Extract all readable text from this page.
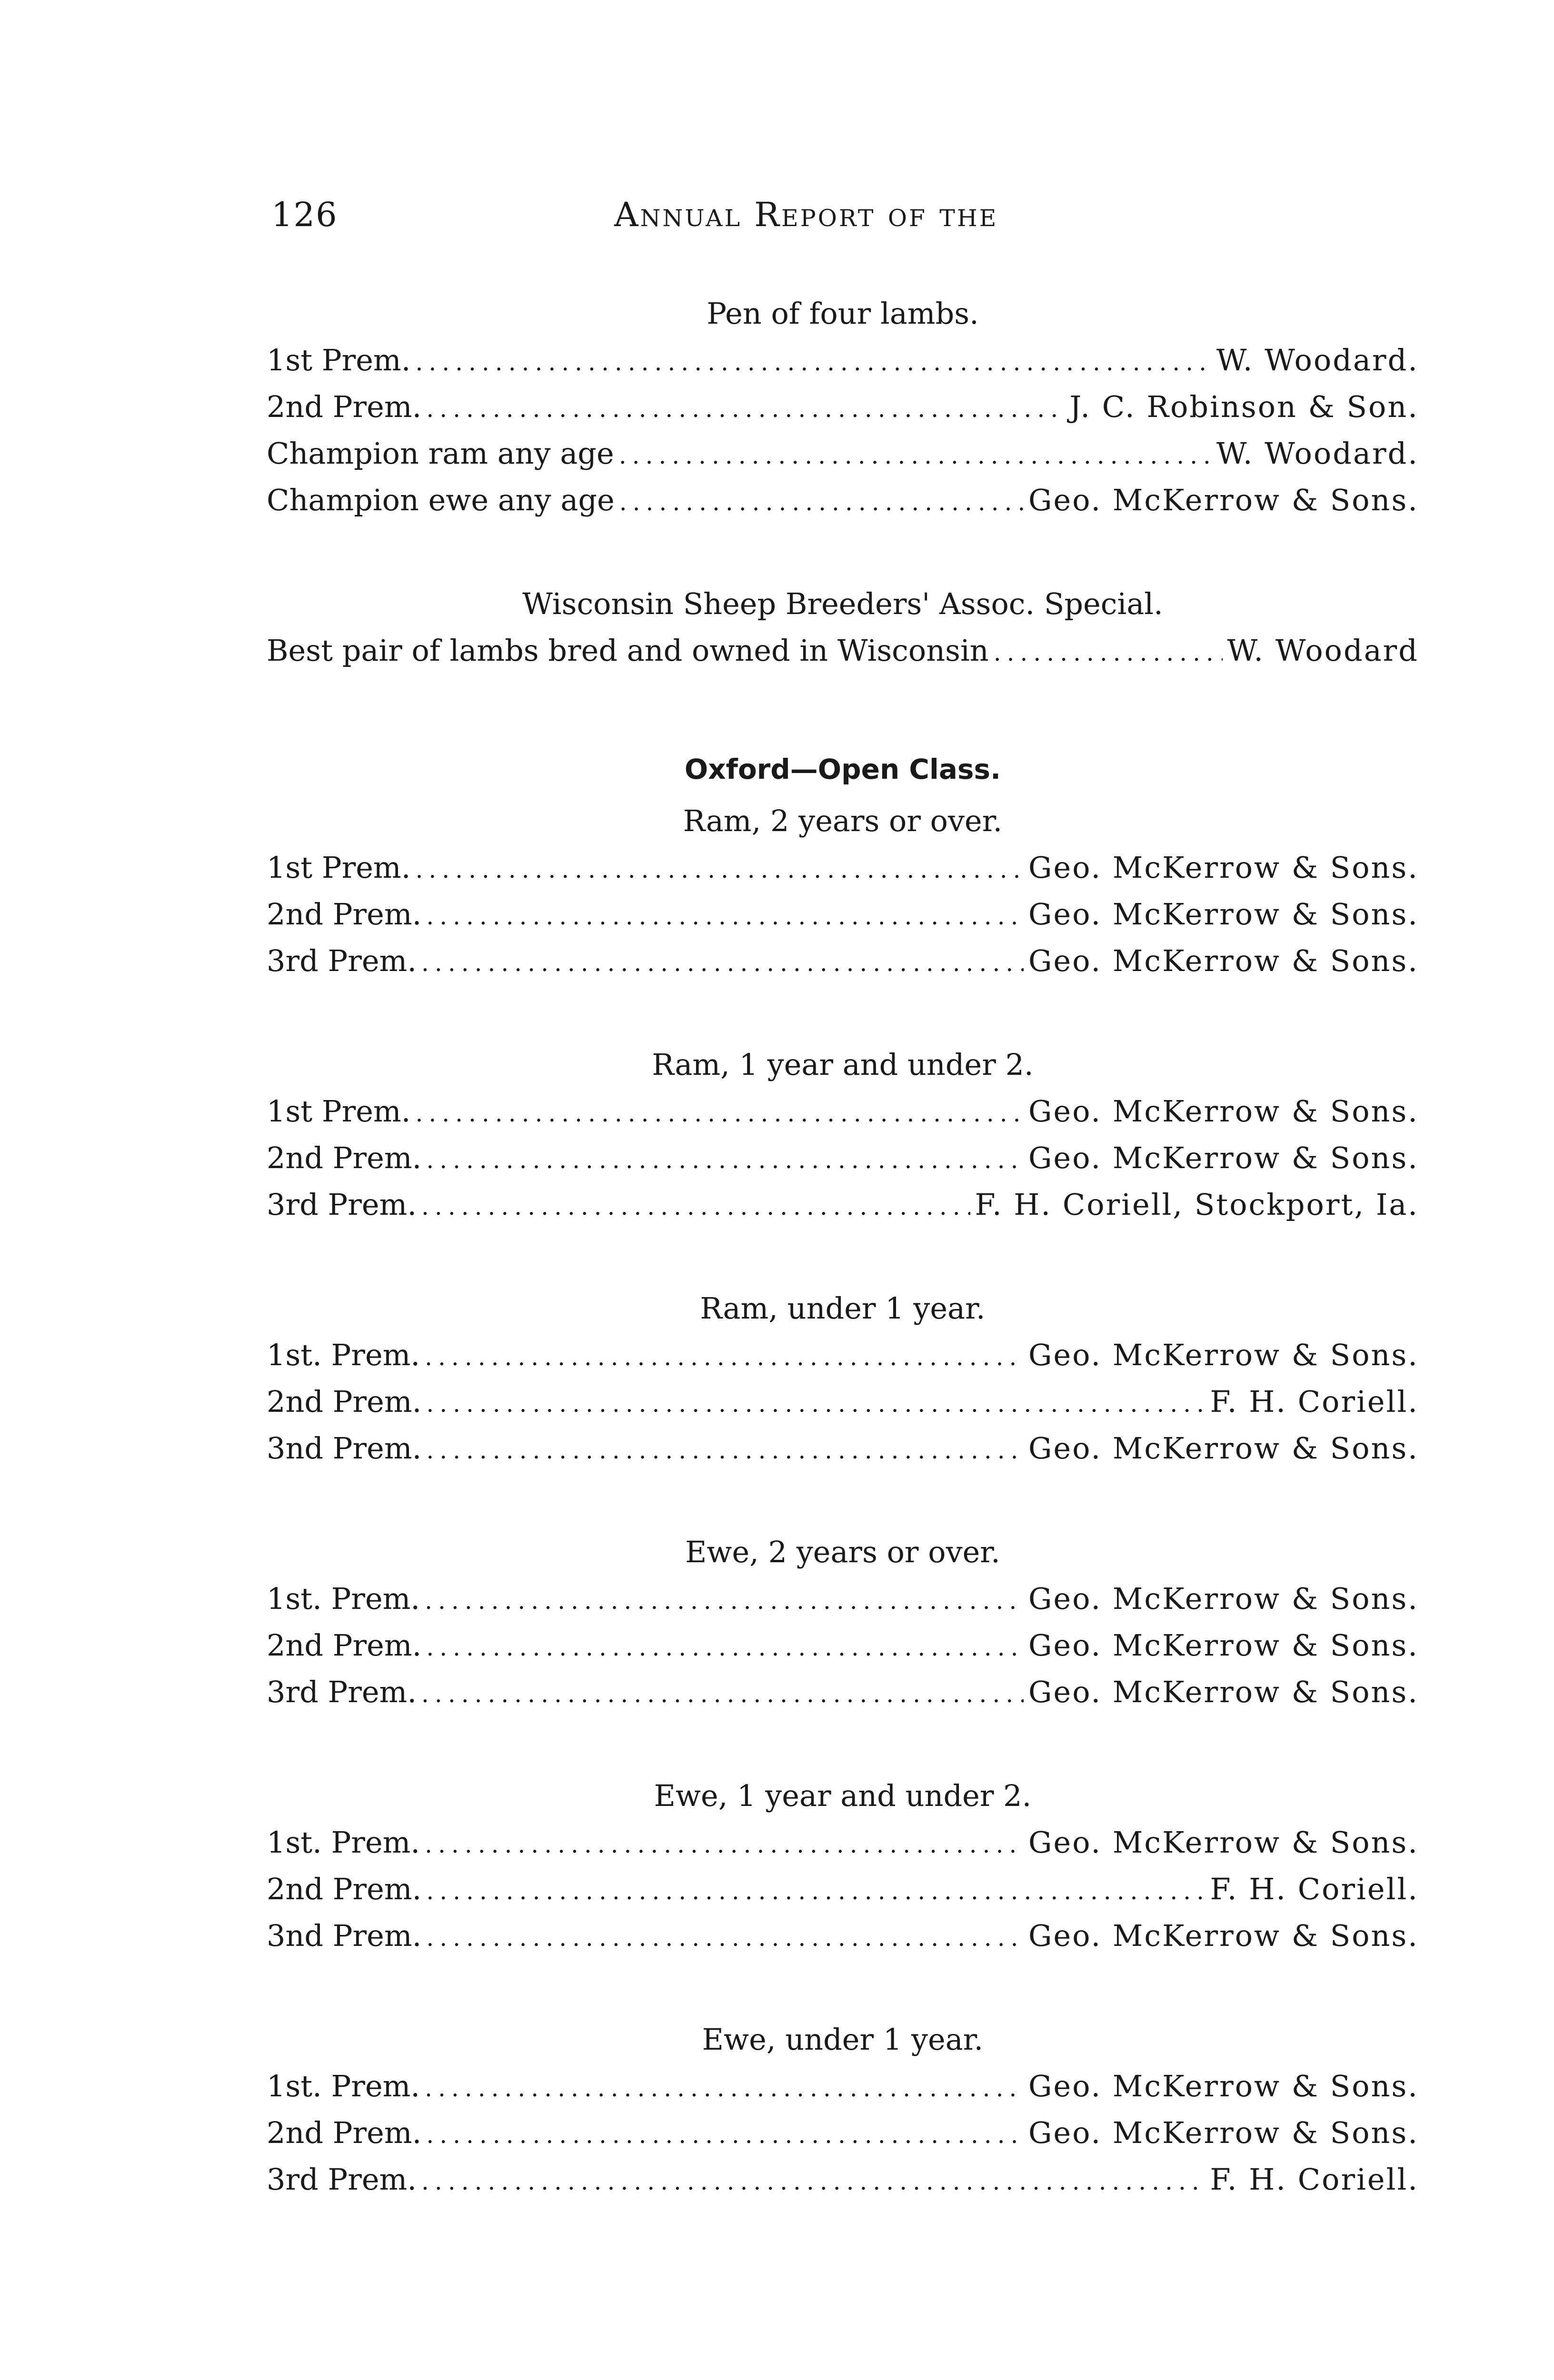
126	Annual Report of the
Pen of four lambs.
1st Prem. .....	W. Woodard.
2nd Prem. .....	J. C. Robinson & Son.
Champion ram any age .....	W. Woodard.
Champion ewe any age .....	Geo. McKerrow & Sons.
Wisconsin Sheep Breeders' Assoc. Special.
Best pair of lambs bred and owned in Wisconsin .....	W. Woodard
Oxford—Open Class.
Ram, 2 years or over.
1st Prem. .....	Geo. McKerrow & Sons.
2nd Prem. .....	Geo. McKerrow & Sons.
3rd Prem. .....	Geo. McKerrow & Sons.
Ram, 1 year and under 2.
1st Prem. .....	Geo. McKerrow & Sons.
2nd Prem. .....	Geo. McKerrow & Sons.
3rd Prem. .....	F. H. Coriell, Stockport, Ia.
Ram, under 1 year.
1st. Prem. .....	Geo. McKerrow & Sons.
2nd Prem. .....	F. H. Coriell.
3nd Prem. .....	Geo. McKerrow & Sons.
Ewe, 2 years or over.
1st. Prem. .....	Geo. McKerrow & Sons.
2nd Prem. .....	Geo. McKerrow & Sons.
3rd Prem. .....	Geo. McKerrow & Sons.
Ewe, 1 year and under 2.
1st. Prem. .....	Geo. McKerrow & Sons.
2nd Prem. .....	F. H. Coriell.
3nd Prem. .....	Geo. McKerrow & Sons.
Ewe, under 1 year.
1st. Prem. .....	Geo. McKerrow & Sons.
2nd Prem. .....	Geo. McKerrow & Sons.
3rd Prem. .....	F. H. Coriell.
